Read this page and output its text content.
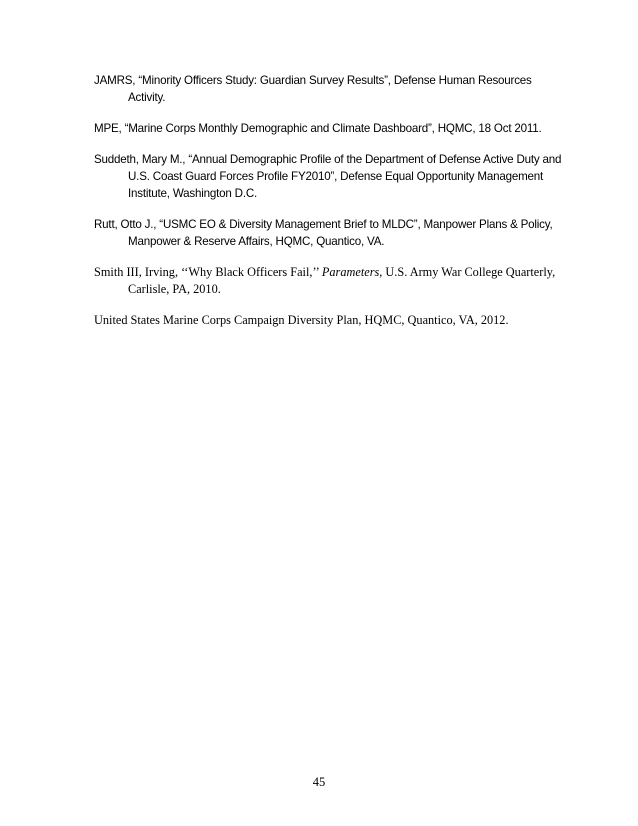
JAMRS, “Minority Officers Study: Guardian Survey Results”, Defense Human Resources Activity.

MPE, “Marine Corps Monthly Demographic and Climate Dashboard”, HQMC, 18 Oct 2011.

Suddeth, Mary M., “Annual Demographic Profile of the Department of Defense Active Duty and U.S. Coast Guard Forces Profile FY2010”, Defense Equal Opportunity Management Institute, Washington D.C.

Rutt, Otto J., “USMC EO & Diversity Management Brief to MLDC”, Manpower Plans & Policy, Manpower & Reserve Affairs, HQMC, Quantico, VA.

Smith III, Irving, ‘‘Why Black Officers Fail,’’ Parameters, U.S. Army War College Quarterly, Carlisle, PA, 2010.

United States Marine Corps Campaign Diversity Plan, HQMC, Quantico, VA, 2012.

45
